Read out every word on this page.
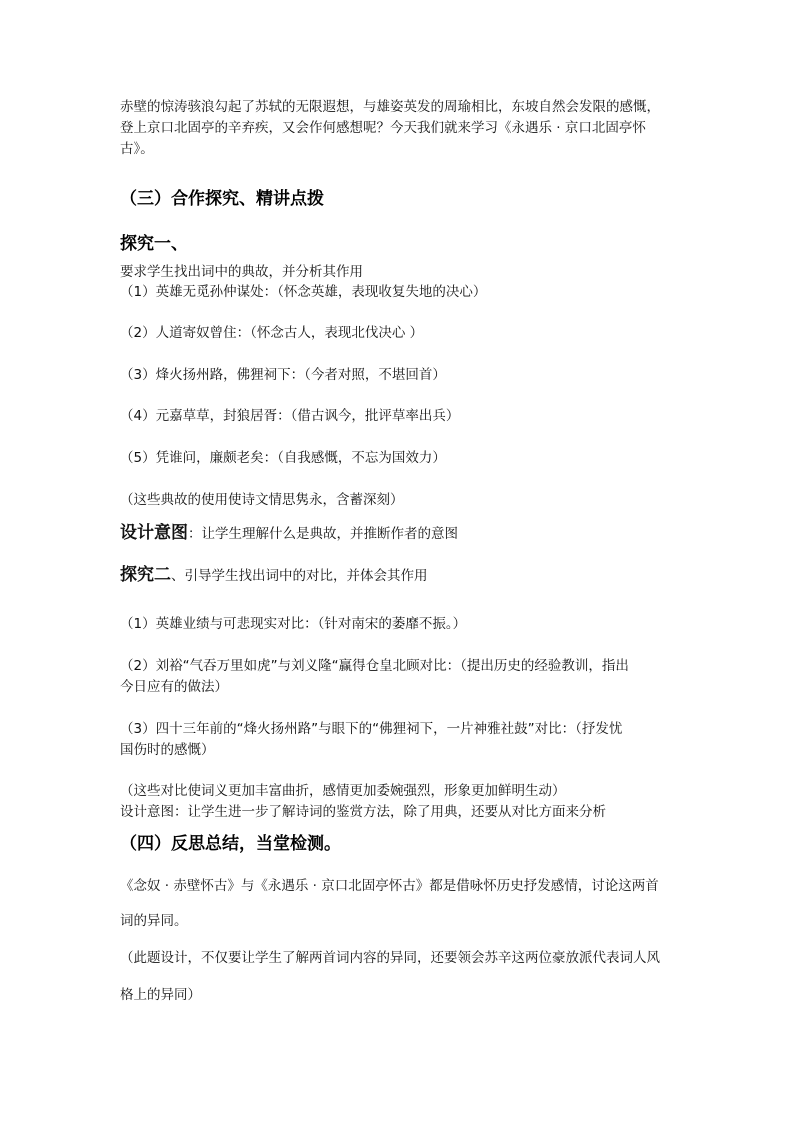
赤壁的惊涛骇浪勾起了苏轼的无限遐想，与雄姿英发的周瑜相比，东坡自然会发限的感慨，
登上京口北固亭的辛弃疾，又会作何感想呢？今天我们就来学习《永遇乐 · 京口北固亭怀
古》。
（三）合作探究、精讲点拨
探究一、
要求学生找出词中的典故，并分析其作用
（1）英雄无觅孙仲谋处：（怀念英雄，表现收复失地的决心）
（2）人道寄奴曾住：（怀念古人，表现北伐决心 ）
（3）烽火扬州路，佛狸祠下：（今者对照，不堪回首）
（4）元嘉草草，封狼居胥：（借古讽今，批评草率出兵）
（5）凭谁问，廉颇老矣：（自我感慨，不忘为国效力）
（这些典故的使用使诗文情思隽永，含蓄深刻）
设计意图：让学生理解什么是典故，并推断作者的意图
探究二、引导学生找出词中的对比，并体会其作用
（1）英雄业绩与可悲现实对比：（针对南宋的萎靡不振。）
（2）刘裕“气吞万里如虎”与刘义隆“赢得仓皇北顾对比：（提出历史的经验教训，指出
今日应有的做法）
（3）四十三年前的“烽火扬州路”与眼下的“佛狸祠下，一片神雅社鼓”对比：（抒发忧
国伤时的感慨）
（这些对比使词义更加丰富曲折，感情更加委婉强烈，形象更加鲜明生动）
设计意图：让学生进一步了解诗词的鉴赏方法，除了用典，还要从对比方面来分析
（四）反思总结，当堂检测。
《念奴 · 赤壁怀古》与《永遇乐 · 京口北固亭怀古》都是借咏怀历史抒发感情，讨论这两首
词的异同。
（此题设计，不仅要让学生了解两首词内容的异同，还要领会苏辛这两位豪放派代表词人风
格上的异同）
